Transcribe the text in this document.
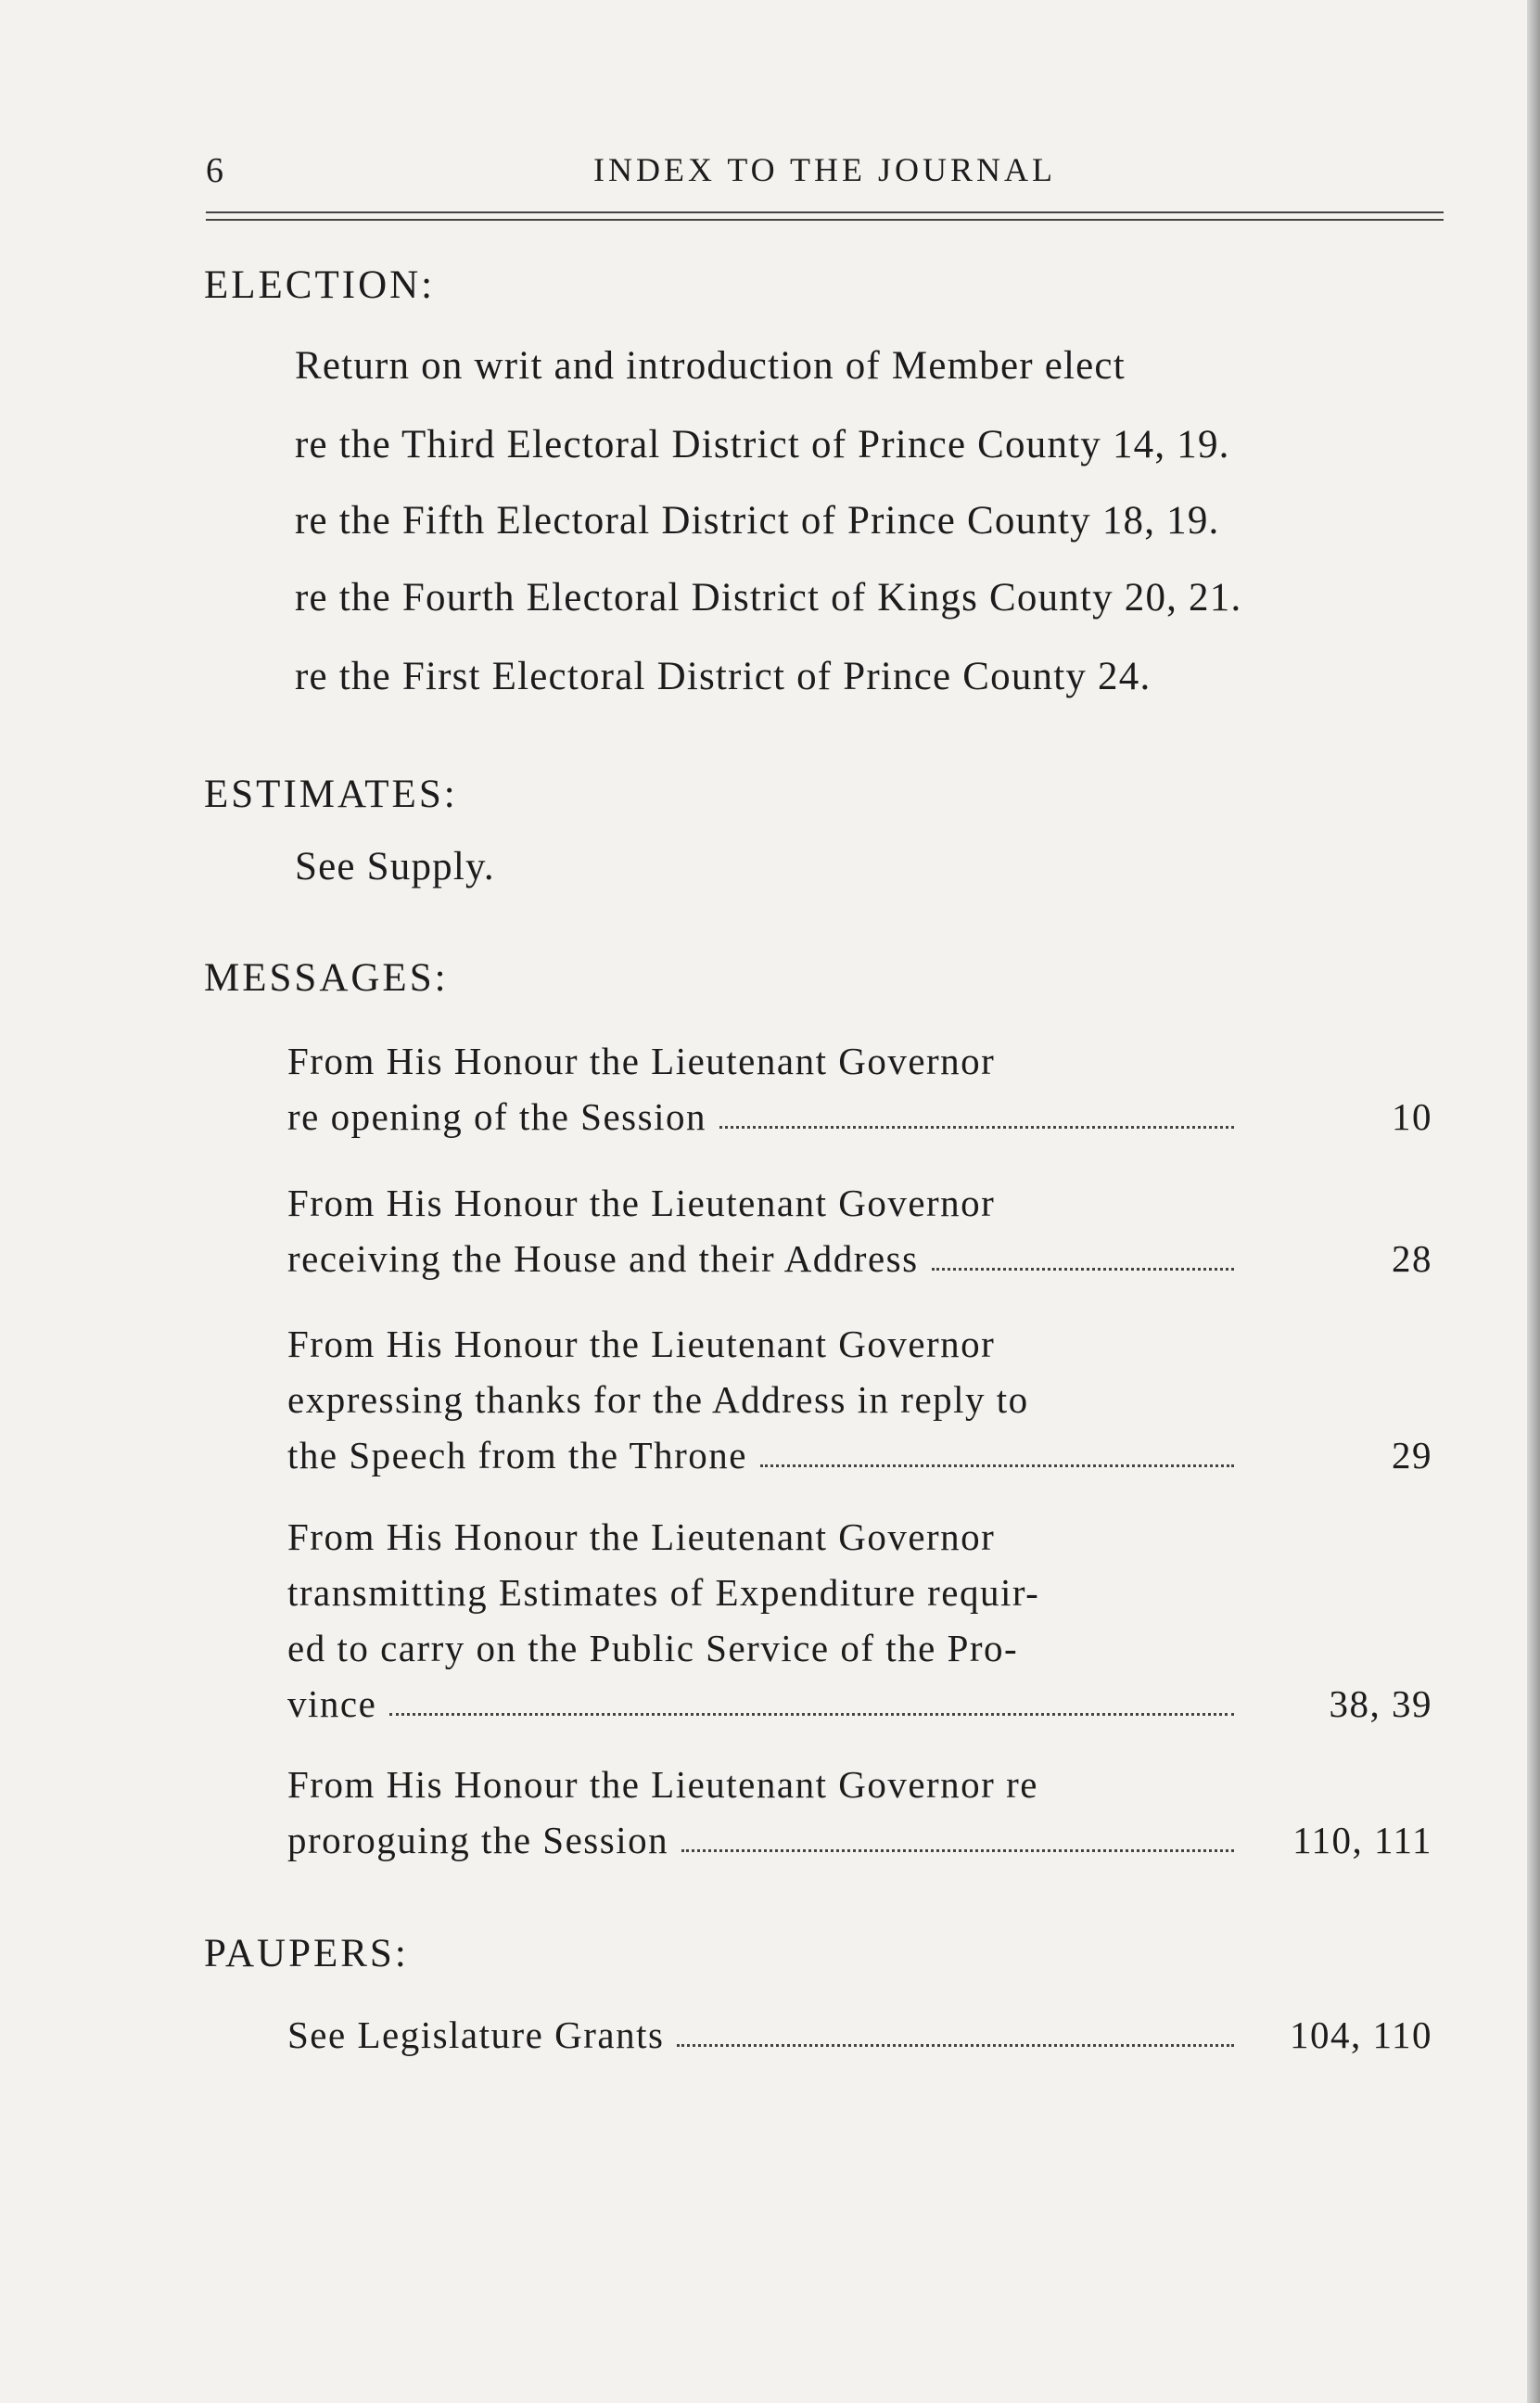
6	INDEX TO THE JOURNAL
ELECTION:
Return on writ and introduction of Member elect
re the Third Electoral District of Prince County 14, 19.
re the Fifth Electoral District of Prince County 18, 19.
re the Fourth Electoral District of Kings County 20, 21.
re the First Electoral District of Prince County 24.
ESTIMATES:
See Supply.
MESSAGES:
From His Honour the Lieutenant Governor
re opening of the Session	10
From His Honour the Lieutenant Governor
receiving the House and their Address	28
From His Honour the Lieutenant Governor
expressing thanks for the Address in reply to
the Speech from the Throne	29
From His Honour the Lieutenant Governor
transmitting Estimates of Expenditure requir-
ed to carry on the Public Service of the Pro-
vince	38, 39
From His Honour the Lieutenant Governor re
proroguing the Session	110, 111
PAUPERS:
See Legislature Grants	104, 110
